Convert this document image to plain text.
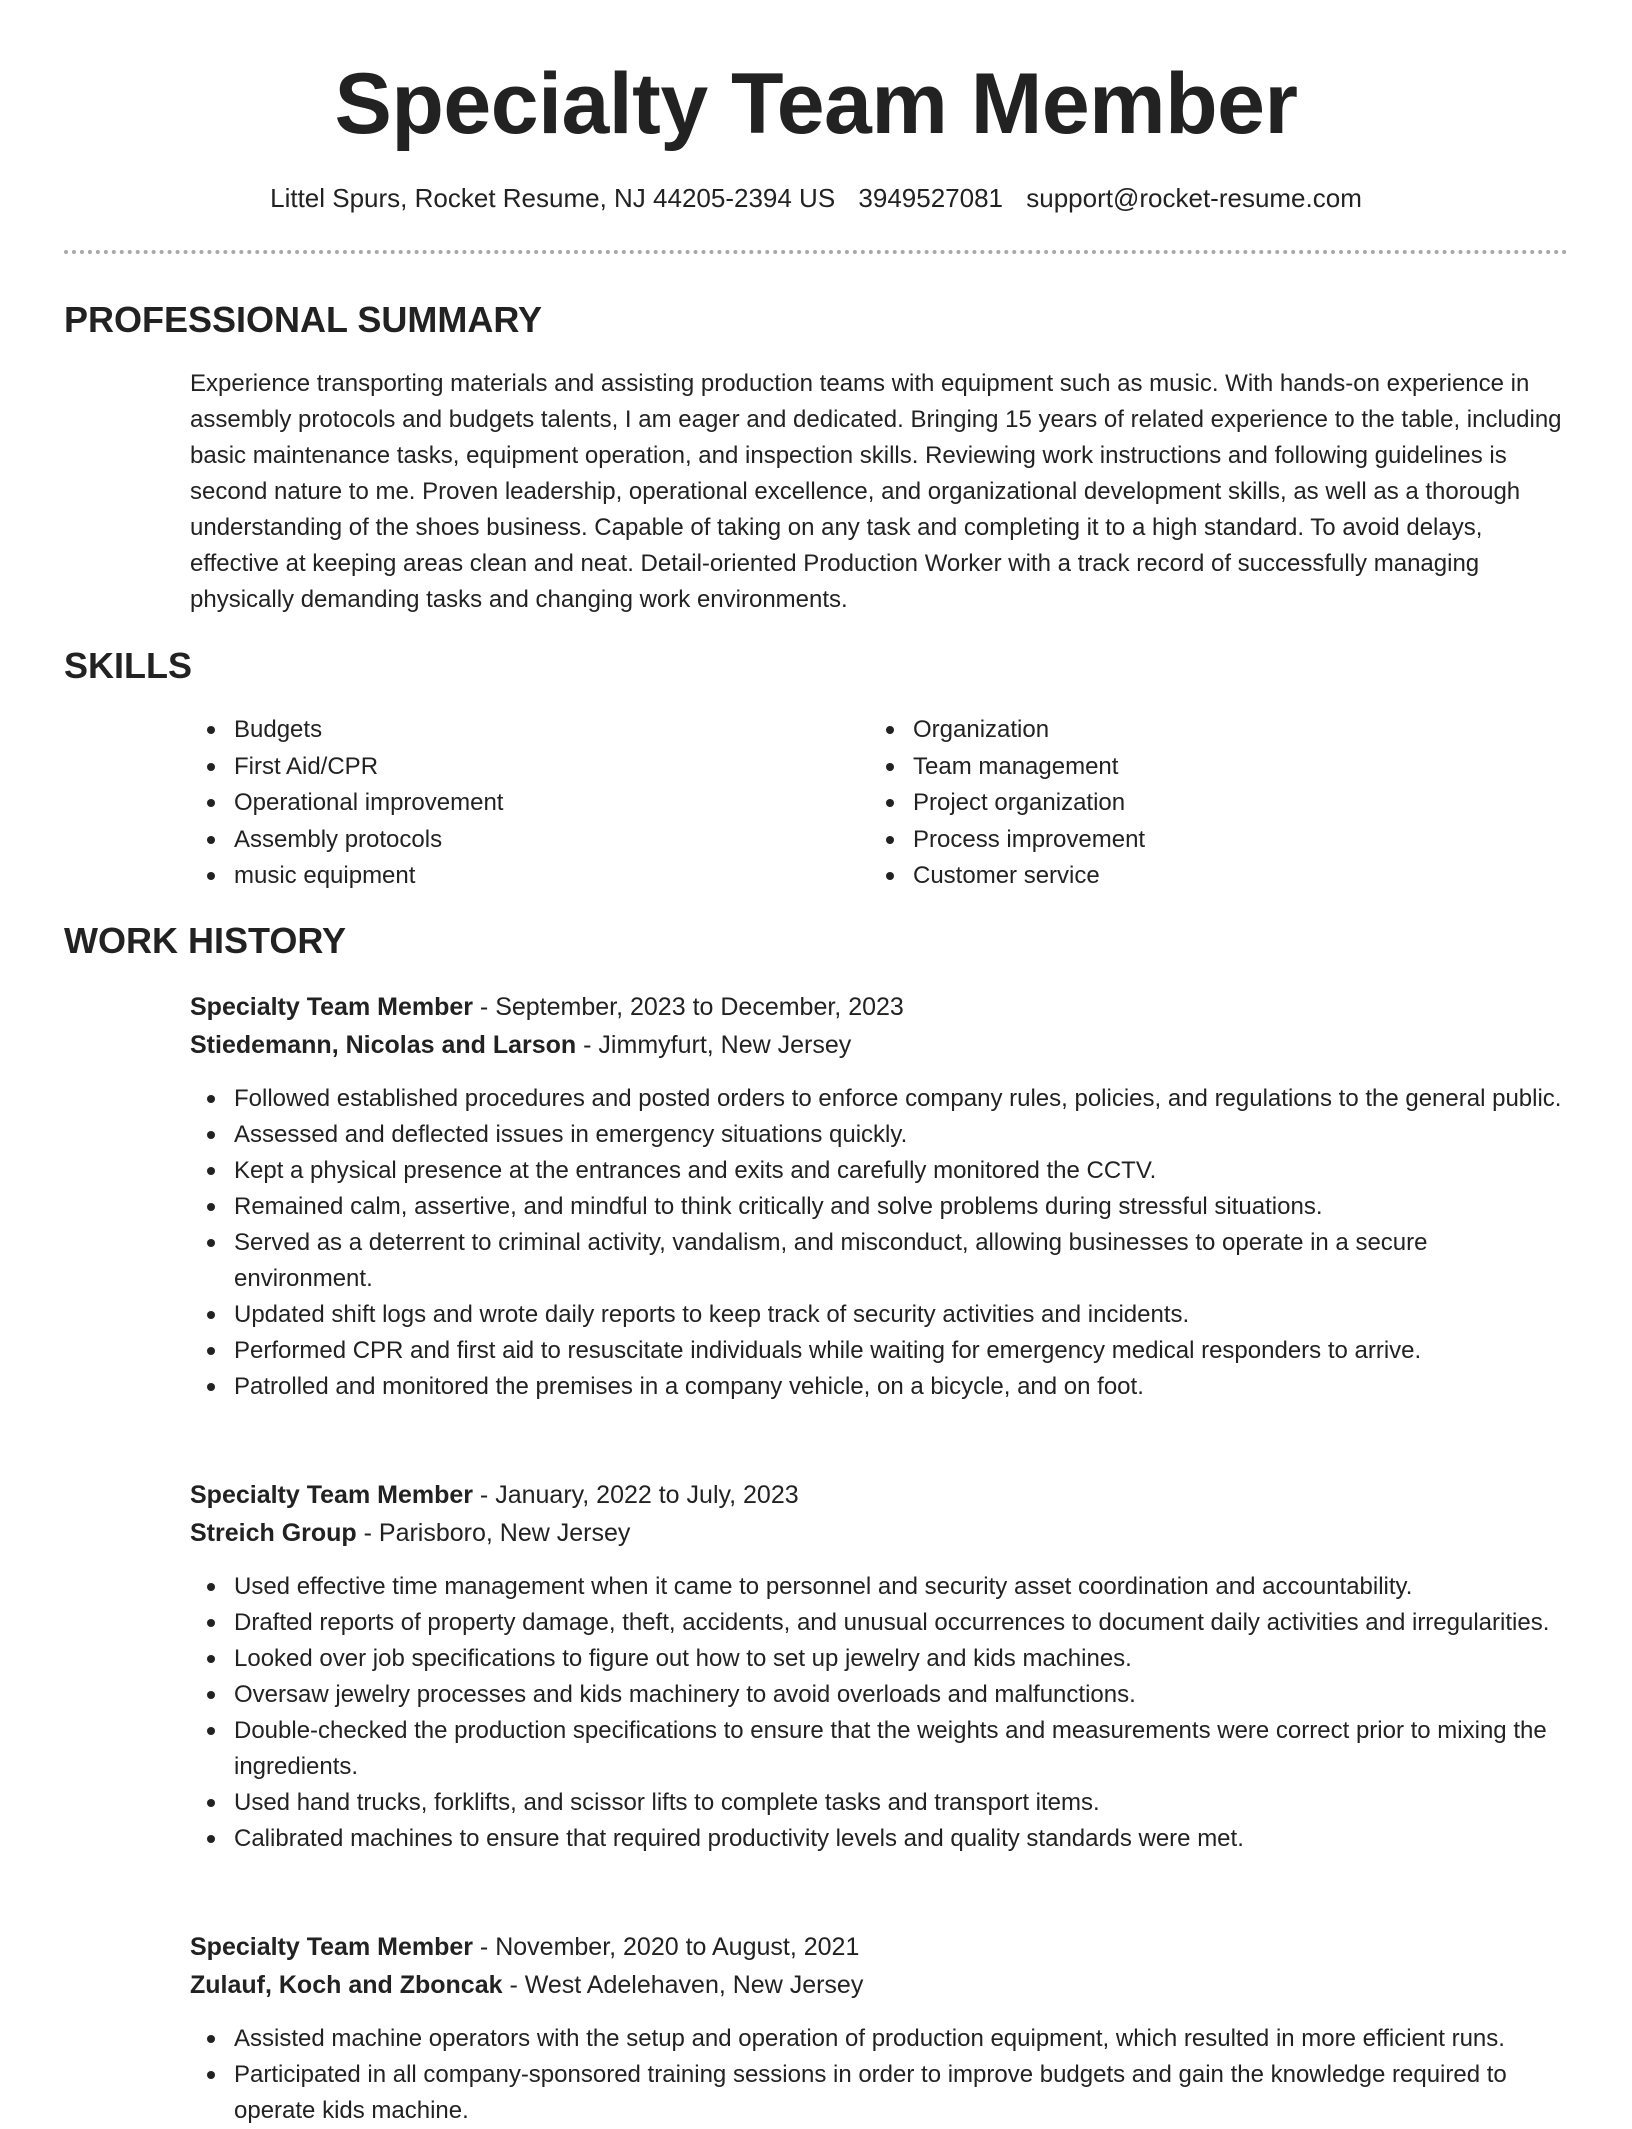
Specialty Team Member
Littel Spurs, Rocket Resume, NJ 44205-2394 US 3949527081 support@rocket-resume.com
PROFESSIONAL SUMMARY

Experience transporting materials and assisting production teams with equipment such as music. With hands-on experience in assembly protocols and budgets talents, I am eager and dedicated. Bringing 15 years of related experience to the table, including basic maintenance tasks, equipment operation, and inspection skills. Reviewing work instructions and following guidelines is second nature to me. Proven leadership, operational excellence, and organizational development skills, as well as a thorough understanding of the shoes business. Capable of taking on any task and completing it to a high standard. To avoid delays, effective at keeping areas clean and neat. Detail-oriented Production Worker with a track record of successfully managing physically demanding tasks and changing work environments.

SKILLS
Budgets
First Aid/CPR
Operational improvement
Assembly protocols
music equipment
Organization
Team management
Project organization
Process improvement
Customer service
WORK HISTORY
Specialty Team Member - September, 2023 to December, 2023
Stiedemann, Nicolas and Larson - Jimmyfurt, New Jersey
Followed established procedures and posted orders to enforce company rules, policies, and regulations to the general public.
Assessed and deflected issues in emergency situations quickly.
Kept a physical presence at the entrances and exits and carefully monitored the CCTV.
Remained calm, assertive, and mindful to think critically and solve problems during stressful situations.
Served as a deterrent to criminal activity, vandalism, and misconduct, allowing businesses to operate in a secure environment.
Updated shift logs and wrote daily reports to keep track of security activities and incidents.
Performed CPR and first aid to resuscitate individuals while waiting for emergency medical responders to arrive.
Patrolled and monitored the premises in a company vehicle, on a bicycle, and on foot.
Specialty Team Member - January, 2022 to July, 2023
Streich Group - Parisboro, New Jersey
Used effective time management when it came to personnel and security asset coordination and accountability.
Drafted reports of property damage, theft, accidents, and unusual occurrences to document daily activities and irregularities.
Looked over job specifications to figure out how to set up jewelry and kids machines.
Oversaw jewelry processes and kids machinery to avoid overloads and malfunctions.
Double-checked the production specifications to ensure that the weights and measurements were correct prior to mixing the ingredients.
Used hand trucks, forklifts, and scissor lifts to complete tasks and transport items.
Calibrated machines to ensure that required productivity levels and quality standards were met.
Specialty Team Member - November, 2020 to August, 2021
Zulauf, Koch and Zboncak - West Adelehaven, New Jersey
Assisted machine operators with the setup and operation of production equipment, which resulted in more efficient runs.
Participated in all company-sponsored training sessions in order to improve budgets and gain the knowledge required to operate kids machine.
